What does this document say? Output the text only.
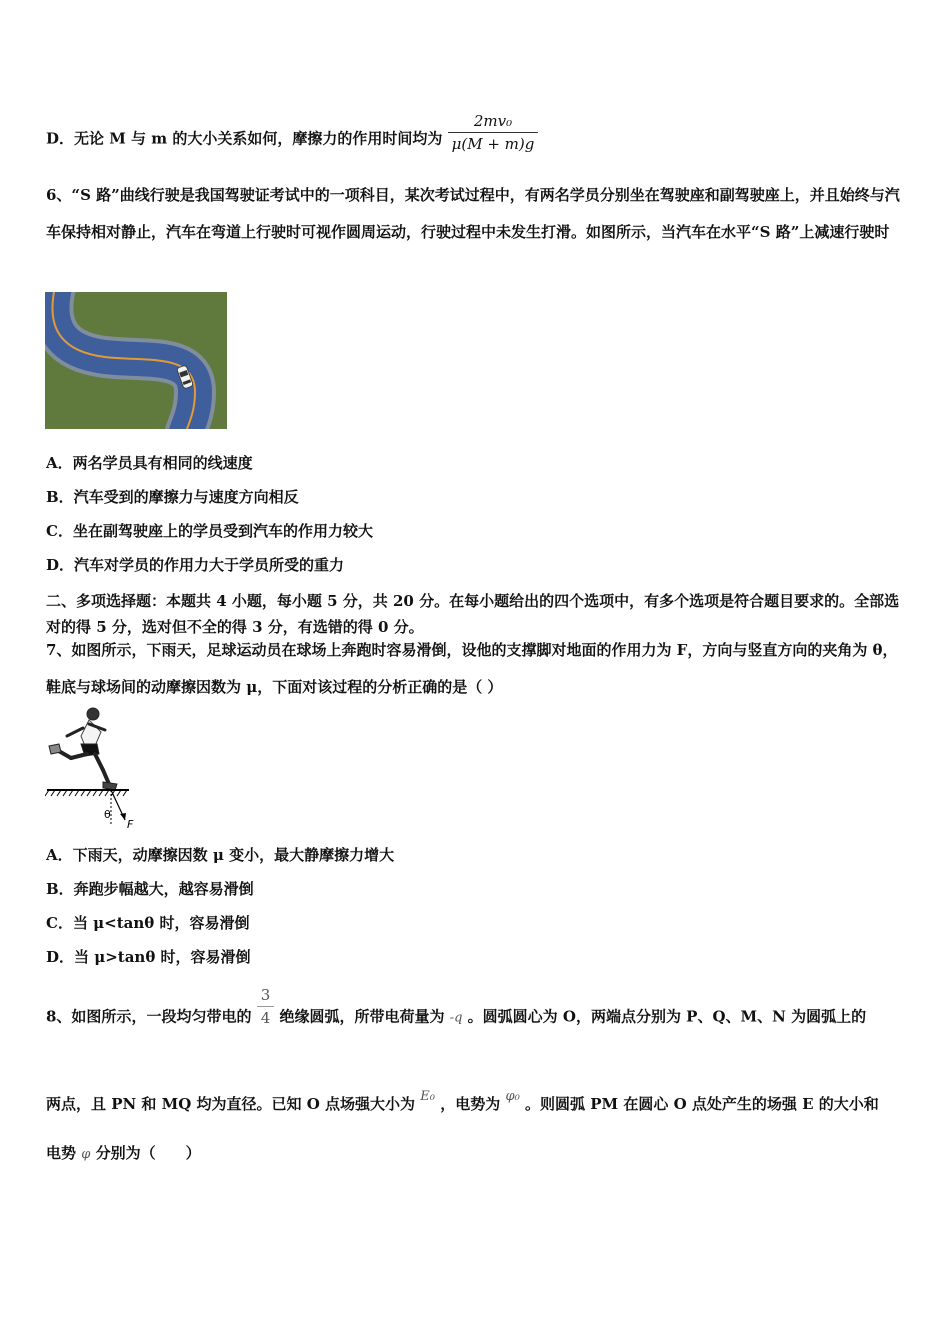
D．无论 M 与 m 的大小关系如何，摩擦力的作用时间均为 $\frac{\text{2mv₀}}{\mu(M + m)g}$
6、“S 路”曲线行驶是我国驾驶证考试中的一项科目，某次考试过程中，有两名学员分别坐在驾驶座和副驾驶座上，并且始终与汽车保持相对静止，汽车在弯道上行驶时可视作圆周运动，行驶过程中未发生打滑。如图所示，当汽车在水平“S 路”上减速行驶时
A．两名学员具有相同的线速度
B．汽车受到的摩擦力与速度方向相反
C．坐在副驾驶座上的学员受到汽车的作用力较大
D．汽车对学员的作用力大于学员所受的重力
二、多项选择题：本题共 4 小题，每小题 5 分，共 20 分。在每小题给出的四个选项中，有多个选项是符合题目要求的。全部选对的得 5 分，选对但不全的得 3 分，有选错的得 0 分。
7、如图所示，下雨天，足球运动员在球场上奔跑时容易滑倒，设他的支撑脚对地面的作用力为 F，方向与竖直方向的夹角为 θ，鞋底与球场间的动摩擦因数为 μ，下面对该过程的分析正确的是（ ）
θ
F
A．下雨天，动摩擦因数 μ 变小，最大静摩擦力增大
B．奔跑步幅越大，越容易滑倒
C．当 μ<tanθ 时，容易滑倒
D．当 μ>tanθ 时，容易滑倒
8、如图所示，一段均匀带电的 $\frac{3}{4}$ 绝缘圆弧，所带电荷量为 -q 。圆弧圆心为 O，两端点分别为 P、Q、M、N 为圆弧上的
两点，且 PN 和 MQ 均为直径。已知 O 点场强大小为 E₀ ，电势为 φ₀ 。则圆弧 PM 在圆心 O 点处产生的场强 E 的大小和
电势 φ 分别为（　　）
